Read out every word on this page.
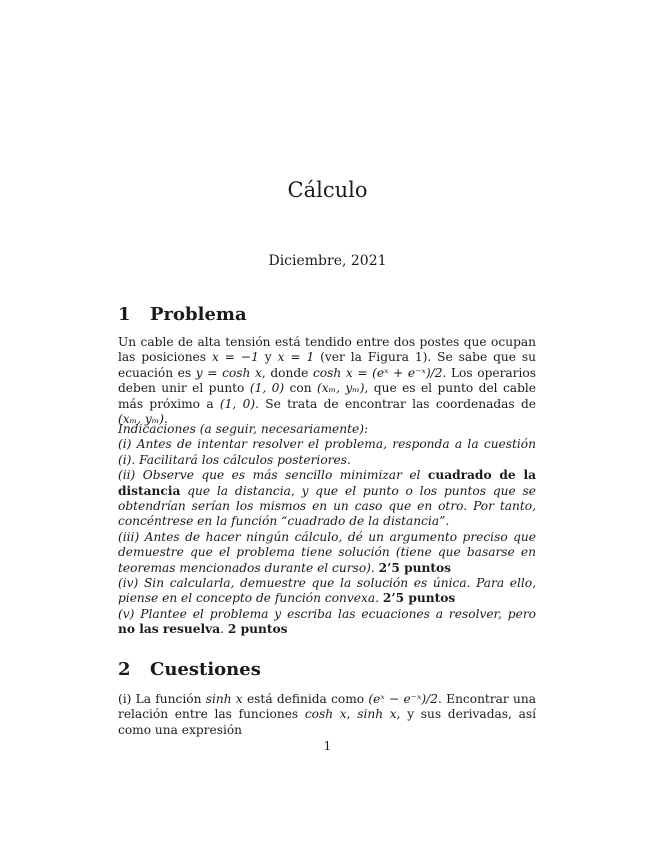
Cálculo
Diciembre, 2021
1 Problema

Un cable de alta tensión está tendido entre dos postes que ocupan las posiciones x = −1 y x = 1 (ver la Figura 1). Se sabe que su ecuación es y = cosh x, donde cosh x = (eˣ + e⁻ˣ)/2. Los operarios deben unir el punto (1, 0) con (xₘ, yₘ), que es el punto del cable más próximo a (1, 0). Se trata de encontrar las coordenadas de (xₘ, yₘ).

Indicaciones (a seguir, necesariamente):

(i) Antes de intentar resolver el problema, responda a la cuestión (i). Facilitará los cálculos posteriores.

(ii) Observe que es más sencillo minimizar el cuadrado de la distancia que la distancia, y que el punto o los puntos que se obtendrían serían los mismos en un caso que en otro. Por tanto, concéntrese en la función “cuadrado de la distancia”.

(iii) Antes de hacer ningún cálculo, dé un argumento preciso que demuestre que el problema tiene solución (tiene que basarse en teoremas mencionados durante el curso). 2’5 puntos

(iv) Sin calcularla, demuestre que la solución es única. Para ello, piense en el concepto de función convexa. 2’5 puntos

(v) Plantee el problema y escriba las ecuaciones a resolver, pero no las resuelva. 2 puntos

2 Cuestiones

(i) La función sinh x está definida como (eˣ − e⁻ˣ)/2. Encontrar una relación entre las funciones cosh x, sinh x, y sus derivadas, así como una expresión

1
